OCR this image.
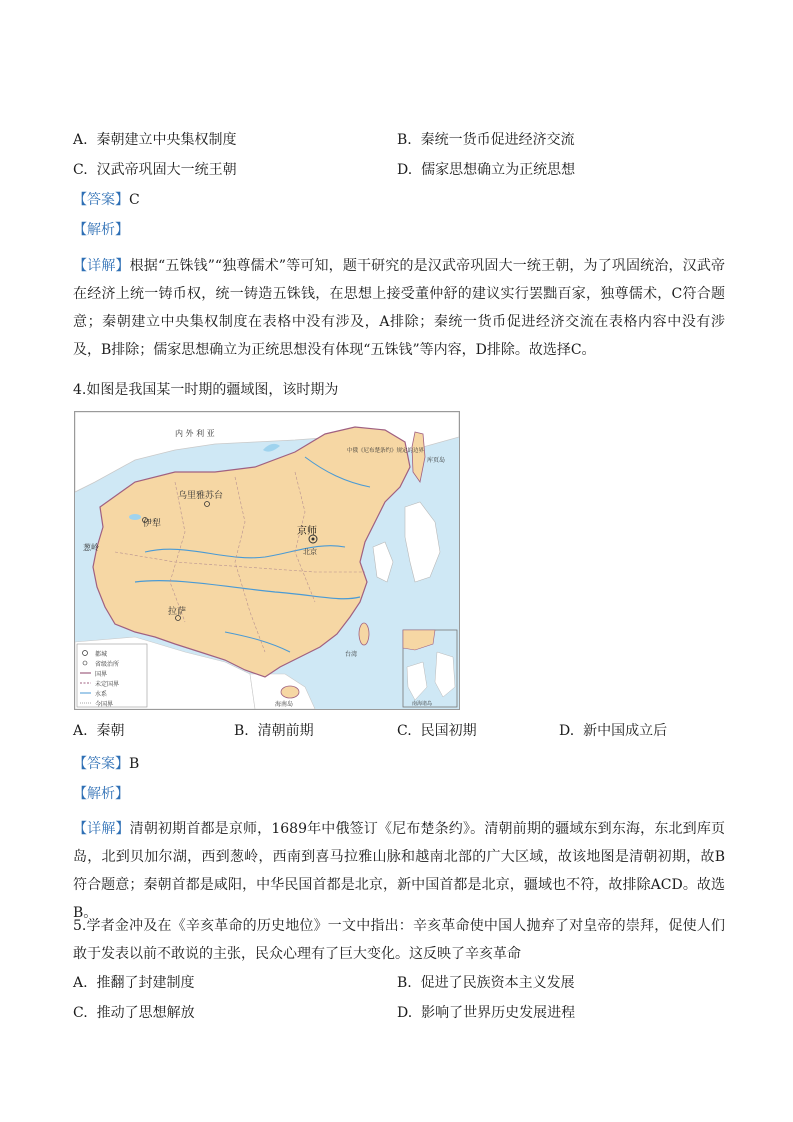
A. 秦朝建立中央集权制度	B. 秦统一货币促进经济交流
C. 汉武帝巩固大一统王朝	D. 儒家思想确立为正统思想
【答案】C
【解析】
【详解】根据“五铢钱”“独尊儒术”等可知，题干研究的是汉武帝巩固大一统王朝，为了巩固统治，汉武帝在经济上统一铸币权，统一铸造五铢钱，在思想上接受董仲舒的建议实行罢黜百家，独尊儒术，C符合题意；秦朝建立中央集权制度在表格中没有涉及，A排除；秦统一货币促进经济交流在表格内容中没有涉及，B排除；儒家思想确立为正统思想没有体现“五铢钱”等内容，D排除。故选择C。
4.如图是我国某一时期的疆域图，该时期为
内 外 利 亚
乌里雅苏台
伊犁
葱岭
拉萨
京师
北京
中俄《尼布楚条约》规定的边界
库页岛
台湾
海南岛
都城
省级治所
国界
未定国界
水系
今国界	南海诸岛
A. 秦朝	B. 清朝前期	C. 民国初期	D. 新中国成立后
【答案】B
【解析】
【详解】清朝初期首都是京师，1689年中俄签订《尼布楚条约》。清朝前期的疆域东到东海，东北到库页岛，北到贝加尔湖，西到葱岭，西南到喜马拉雅山脉和越南北部的广大区域，故该地图是清朝初期，故B符合题意；秦朝首都是咸阳，中华民国首都是北京，新中国首都是北京，疆域也不符，故排除ACD。故选B。
5.学者金冲及在《辛亥革命的历史地位》一文中指出：辛亥革命使中国人抛弃了对皇帝的崇拜，促使人们敢于发表以前不敢说的主张，民众心理有了巨大变化。这反映了辛亥革命
A. 推翻了封建制度	B. 促进了民族资本主义发展
C. 推动了思想解放	D. 影响了世界历史发展进程
